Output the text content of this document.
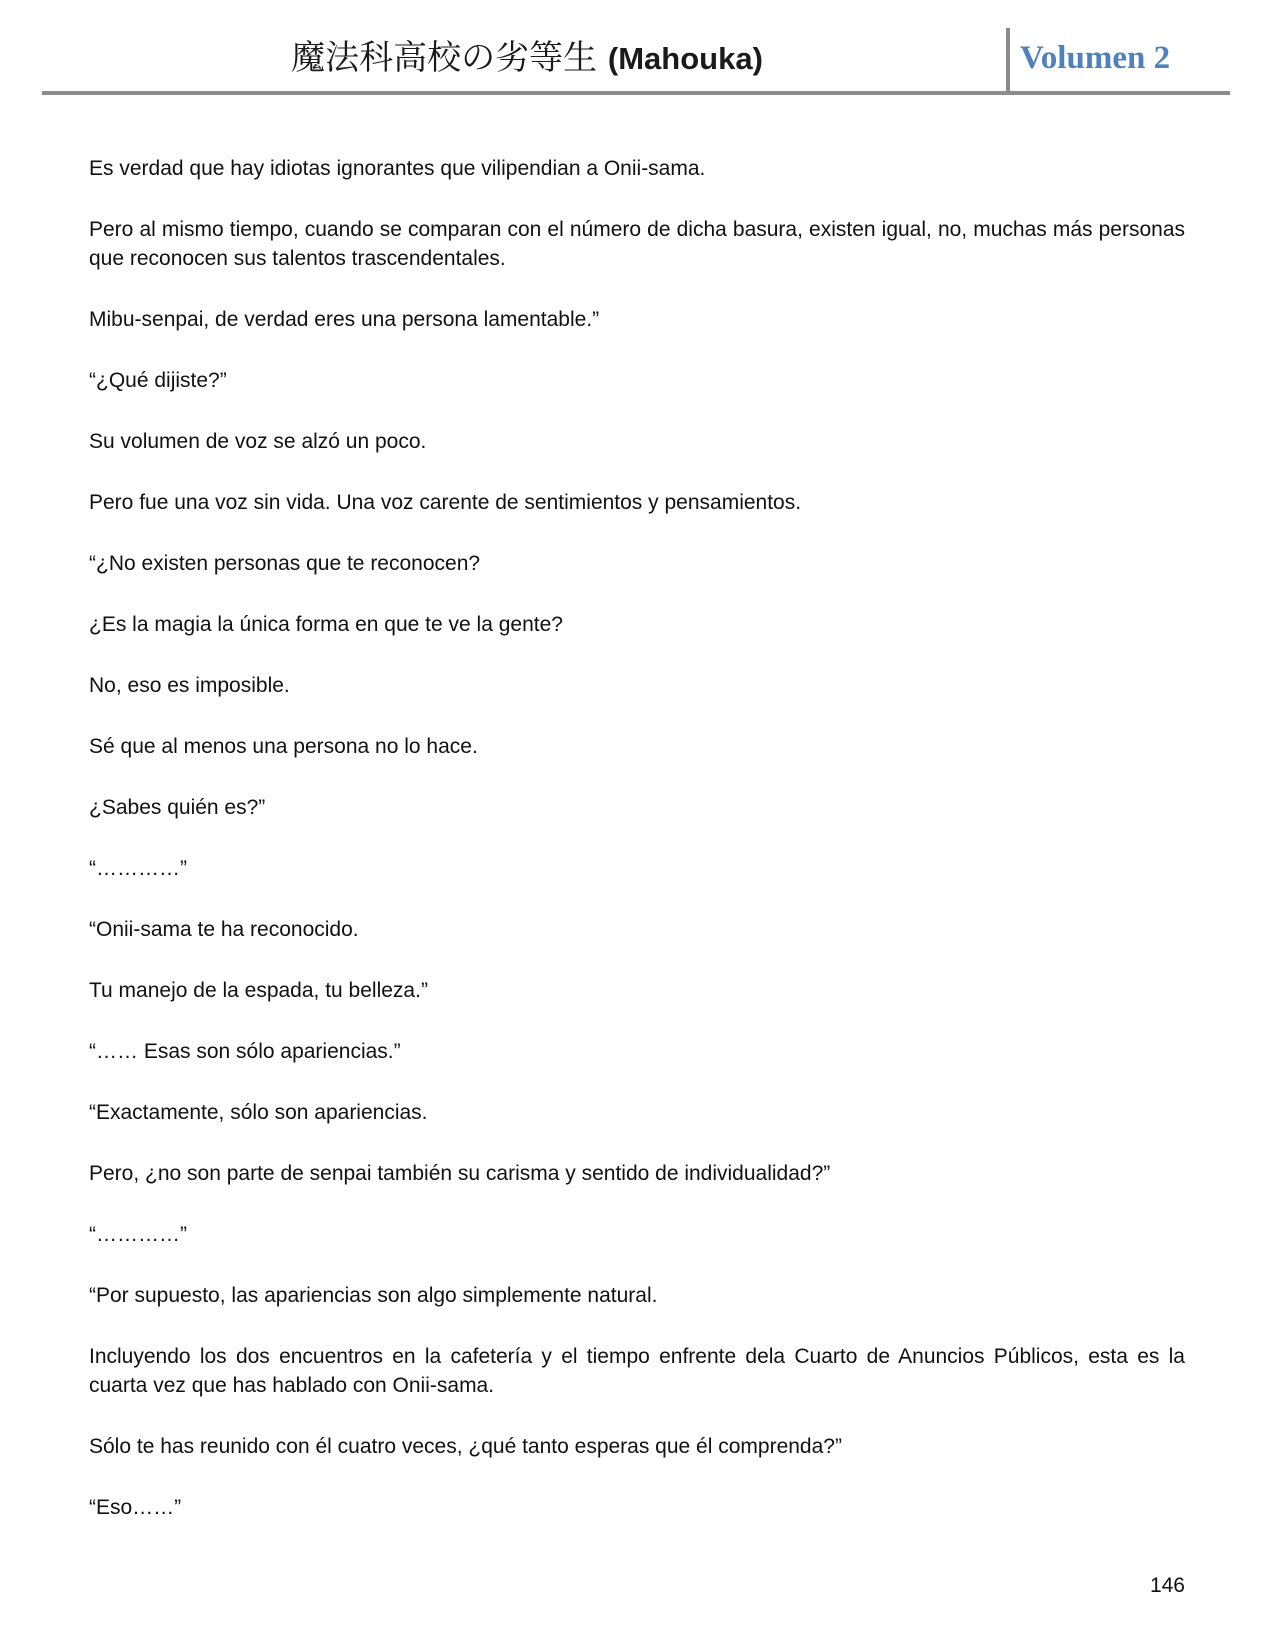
魔法科高校の劣等生 (Mahouka)	Volumen 2

Es verdad que hay idiotas ignorantes que vilipendian a Onii-sama.

Pero al mismo tiempo, cuando se comparan con el número de dicha basura, existen igual, no, muchas más personas que reconocen sus talentos trascendentales.

Mibu-senpai, de verdad eres una persona lamentable.”

“¿Qué dijiste?”

Su volumen de voz se alzó un poco.

Pero fue una voz sin vida. Una voz carente de sentimientos y pensamientos.

“¿No existen personas que te reconocen?

¿Es la magia la única forma en que te ve la gente?

No, eso es imposible.

Sé que al menos una persona no lo hace.

¿Sabes quién es?”

“…………”

“Onii-sama te ha reconocido.

Tu manejo de la espada, tu belleza.”

“…… Esas son sólo apariencias.”

“Exactamente, sólo son apariencias.

Pero, ¿no son parte de senpai también su carisma y sentido de individualidad?”

“…………”

“Por supuesto, las apariencias son algo simplemente natural.

Incluyendo los dos encuentros en la cafetería y el tiempo enfrente dela Cuarto de Anuncios Públicos, esta es la cuarta vez que has hablado con Onii-sama.

Sólo te has reunido con él cuatro veces, ¿qué tanto esperas que él comprenda?”

“Eso……”

146
